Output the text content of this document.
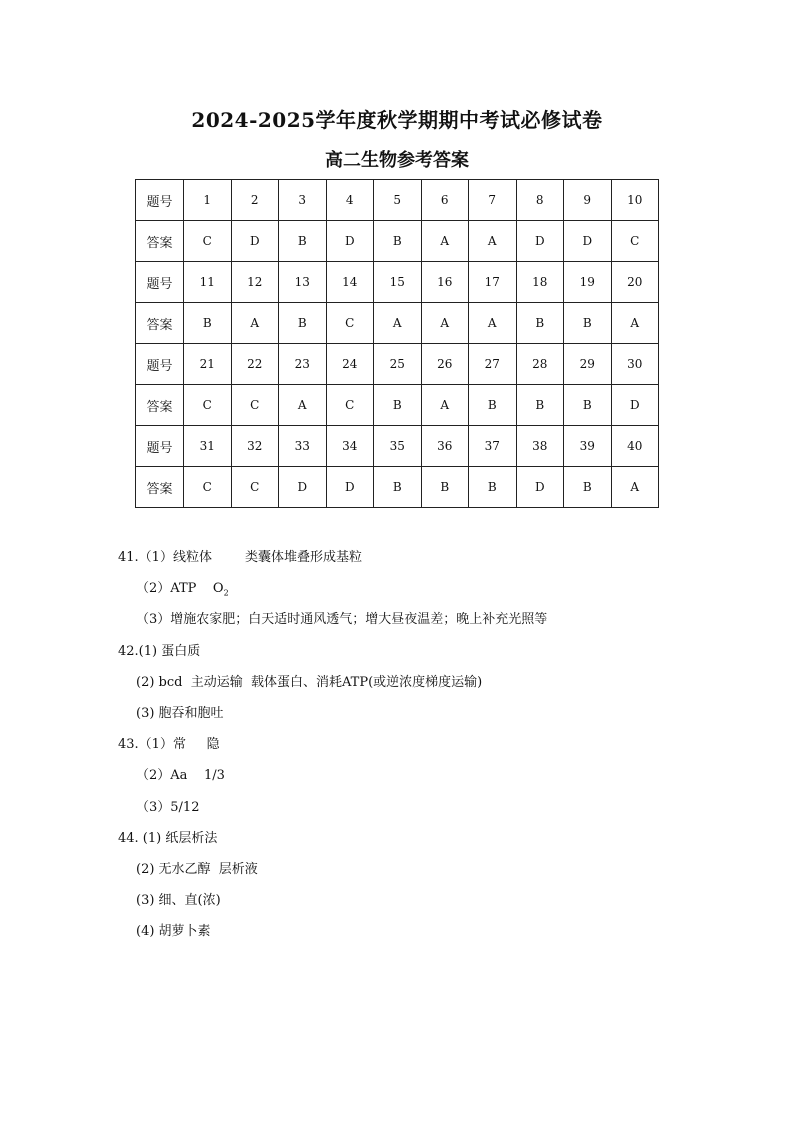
2024-2025学年度秋学期期中考试必修试卷
高二生物参考答案
题号	1	2	3	4	5	6	7	8	9	10
答案	C	D	B	D	B	A	A	D	D	C
题号	11	12	13	14	15	16	17	18	19	20
答案	B	A	B	C	A	A	A	B	B	A
题号	21	22	23	24	25	26	27	28	29	30
答案	C	C	A	C	B	A	B	B	B	D
题号	31	32	33	34	35	36	37	38	39	40
答案	C	C	D	D	B	B	B	D	B	A
41.（1）线粒体        类囊体堆叠形成基粒
（2）ATP    $O_2$
（3）增施农家肥；白天适时通风透气；增大昼夜温差；晚上补充光照等
42.(1) 蛋白质
(2) bcd  主动运输  载体蛋白、消耗ATP(或逆浓度梯度运输)
(3) 胞吞和胞吐
43.（1）常     隐
（2）Aa    1/3
（3）5/12
44. (1) 纸层析法
(2) 无水乙醇  层析液
(3) 细、直(浓)
(4) 胡萝卜素
